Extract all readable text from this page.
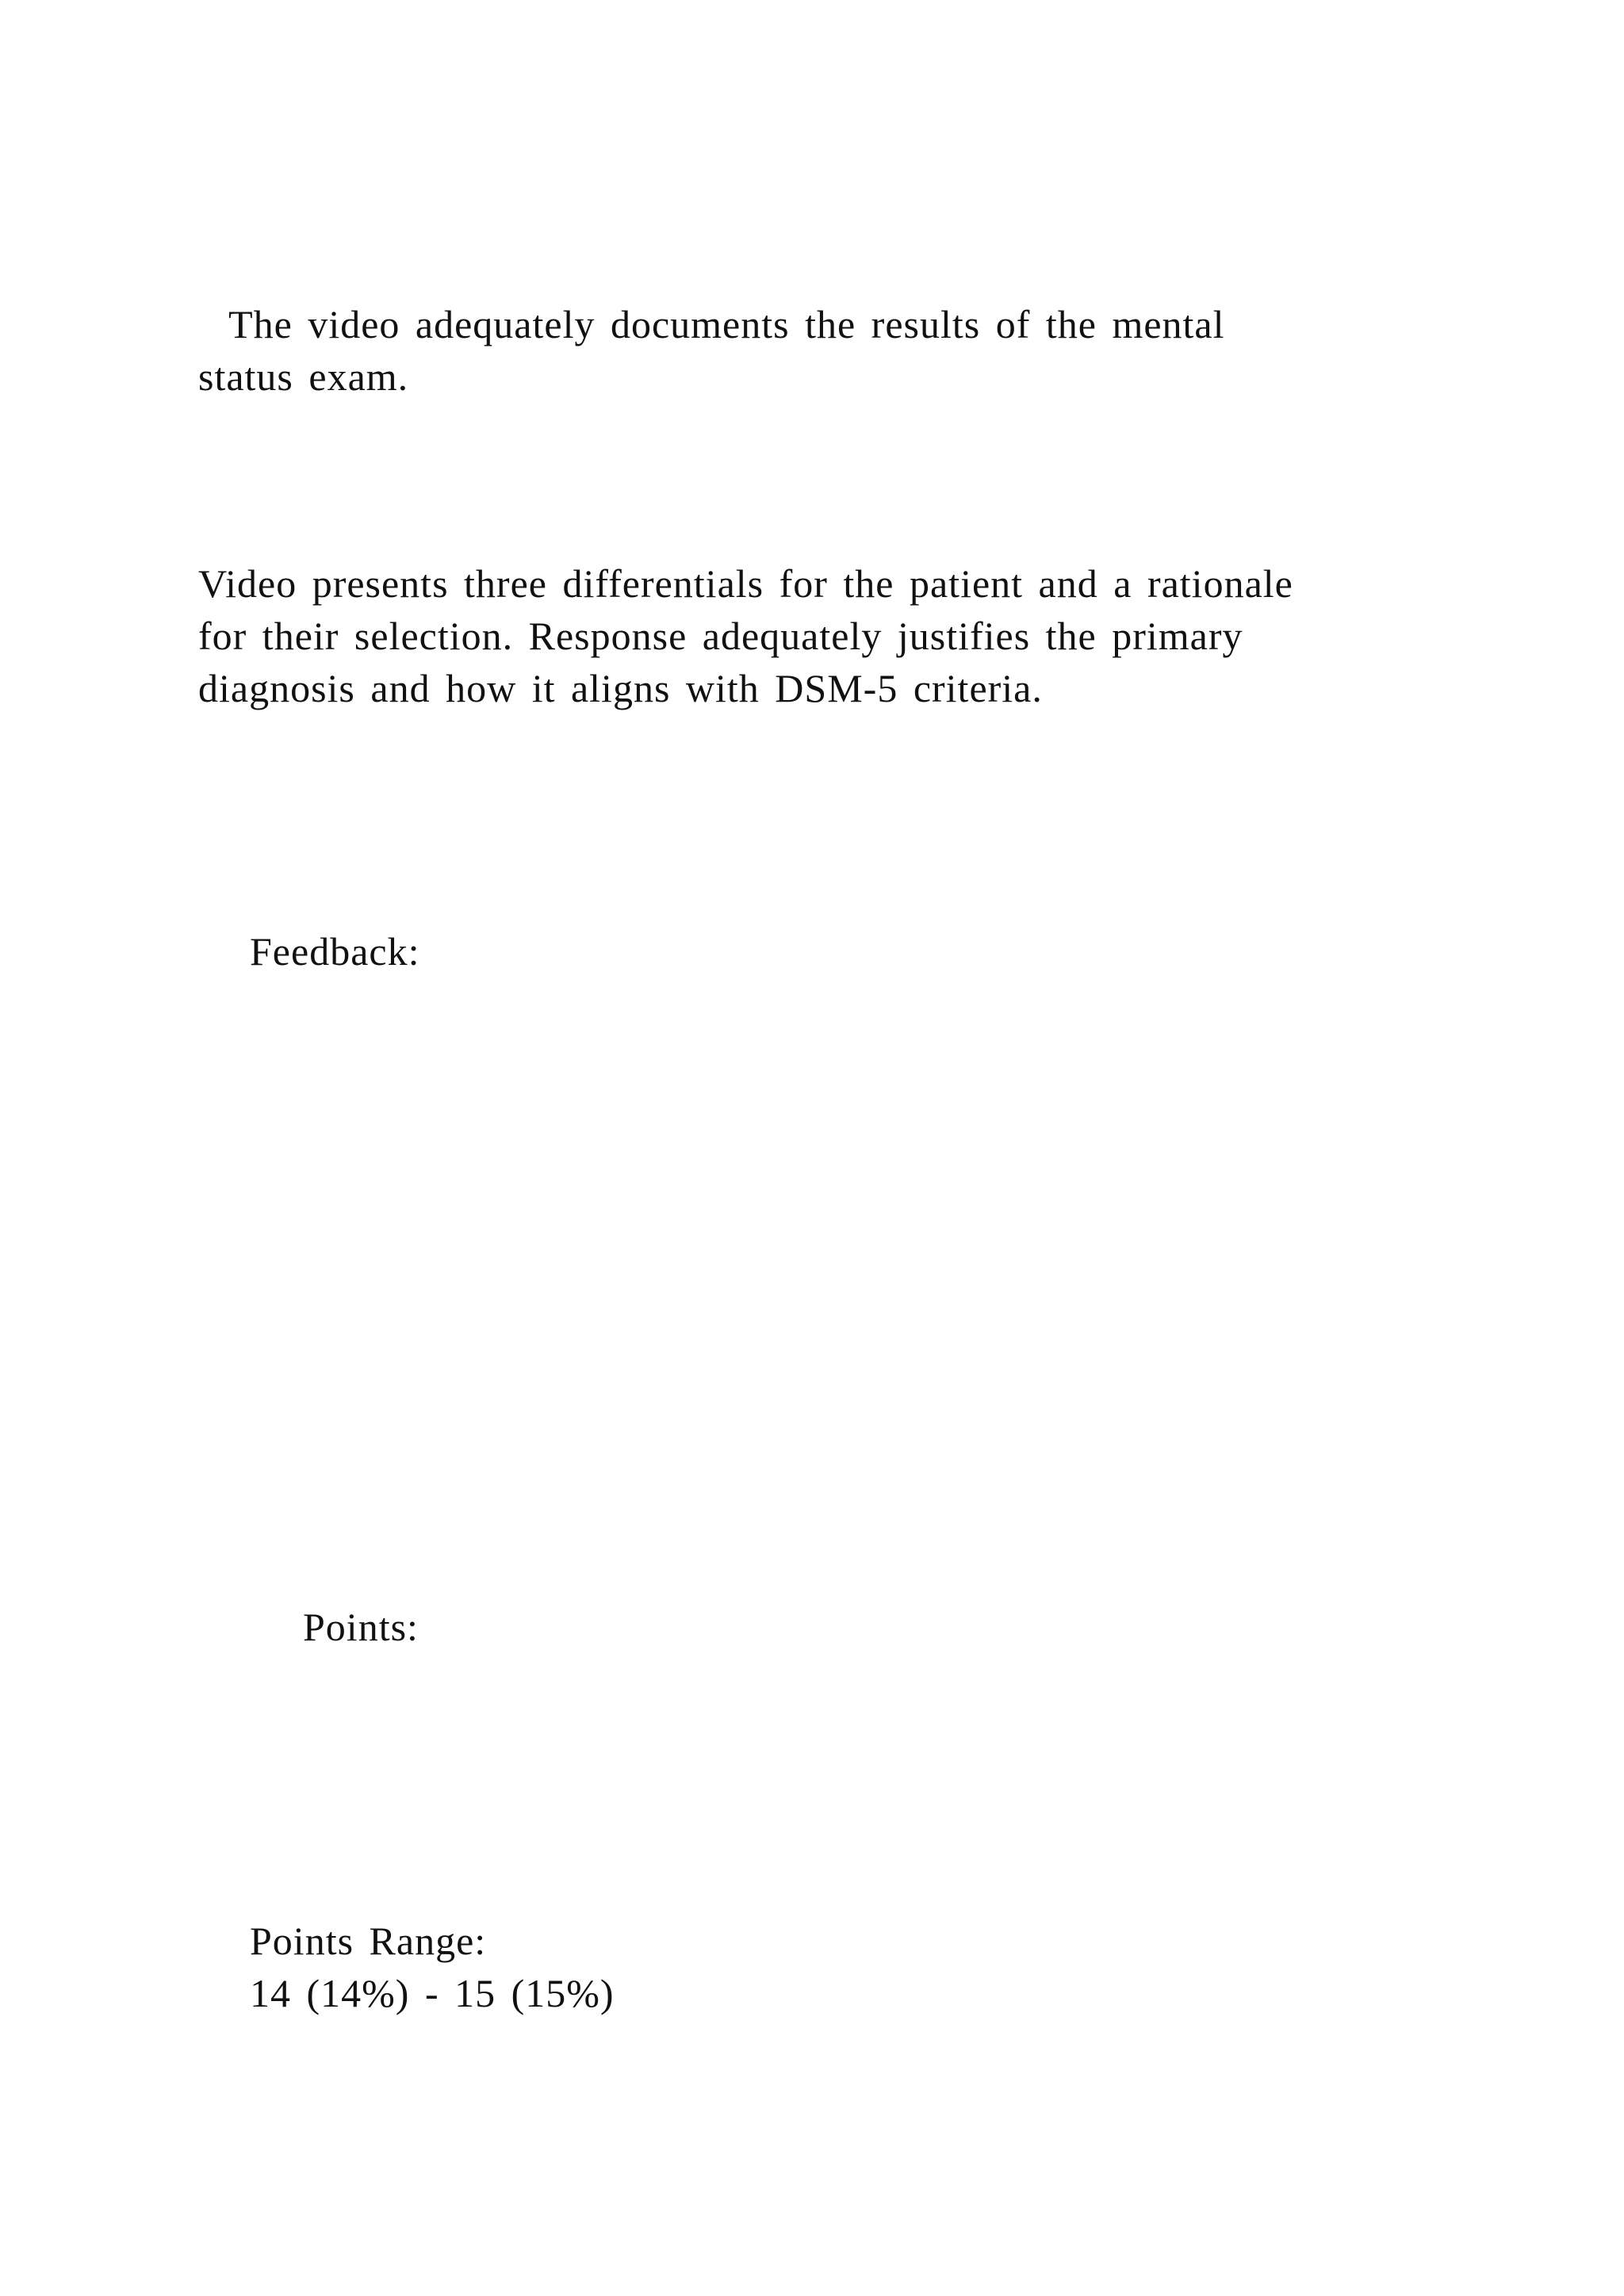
The video adequately documents the results of the mental
status exam.
Video presents three differentials for the patient and a rationale
for their selection. Response adequately justifies the primary
diagnosis and how it aligns with DSM-5 criteria.
Feedback:
Points:
Points Range:
14 (14%) - 15 (15%)
